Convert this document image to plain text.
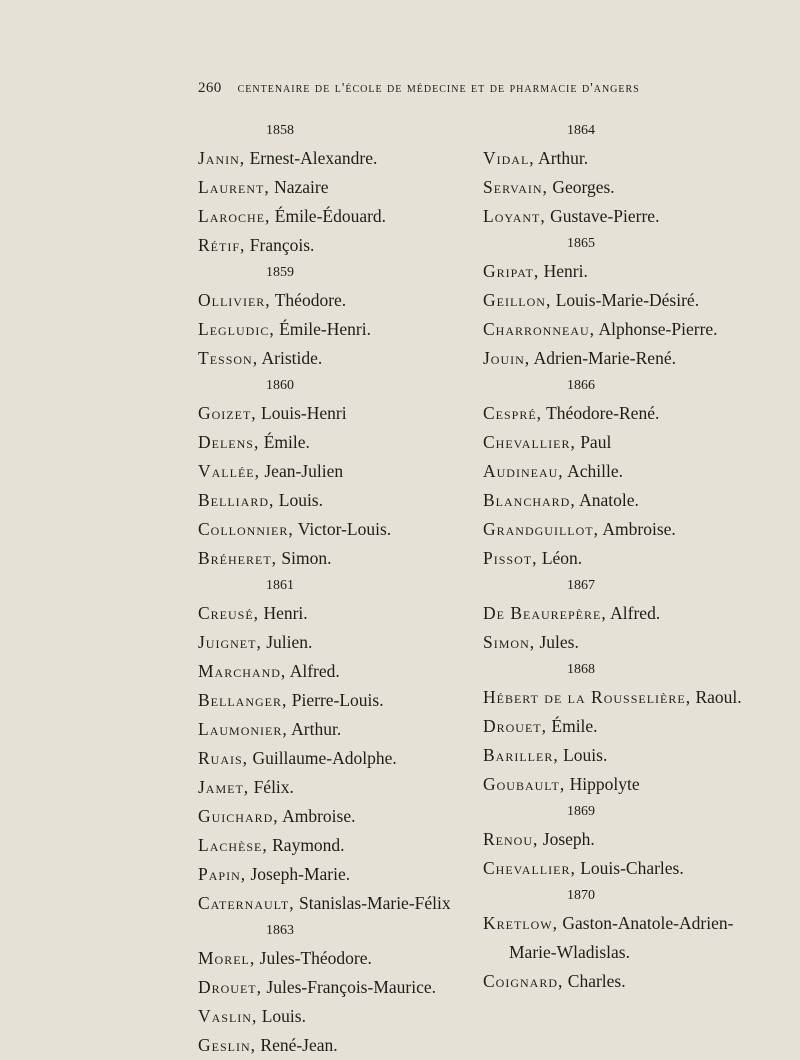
260 centenaire de l'école de médecine et de pharmacie d'angers
1858
Janin, Ernest-Alexandre.
Laurent, Nazaire
Laroche, Émile-Édouard.
Rétif, François.
1859
Ollivier, Théodore.
Legludic, Émile-Henri.
Tesson, Aristide.
1860
Goizet, Louis-Henri
Delens, Émile.
Vallée, Jean-Julien
Belliard, Louis.
Collonnier, Victor-Louis.
Bréheret, Simon.
1861
Creusé, Henri.
Juignet, Julien.
Marchand, Alfred.
Bellanger, Pierre-Louis.
Laumonier, Arthur.
Ruais, Guillaume-Adolphe.
Jamet, Félix.
Guichard, Ambroise.
Lachèse, Raymond.
Papin, Joseph-Marie.
Caternault, Stanislas-Marie-Félix
1863
Morel, Jules-Théodore.
Drouet, Jules-François-Maurice.
Vaslin, Louis.
Geslin, René-Jean.
1864
Vidal, Arthur.
Servain, Georges.
Loyant, Gustave-Pierre.
1865
Gripat, Henri.
Geillon, Louis-Marie-Désiré.
Charronneau, Alphonse-Pierre.
Jouin, Adrien-Marie-René.
1866
Cespré, Théodore-René.
Chevallier, Paul
Audineau, Achille.
Blanchard, Anatole.
Grandguillot, Ambroise.
Pissot, Léon.
1867
De Beaurepère, Alfred.
Simon, Jules.
1868
Hébert de la Rousselière, Raoul.
Drouet, Émile.
Bariller, Louis.
Goubault, Hippolyte
1869
Renou, Joseph.
Chevallier, Louis-Charles.
1870
Kretlow, Gaston-Anatole-Adrien-
Marie-Wladislas.
Coignard, Charles.
